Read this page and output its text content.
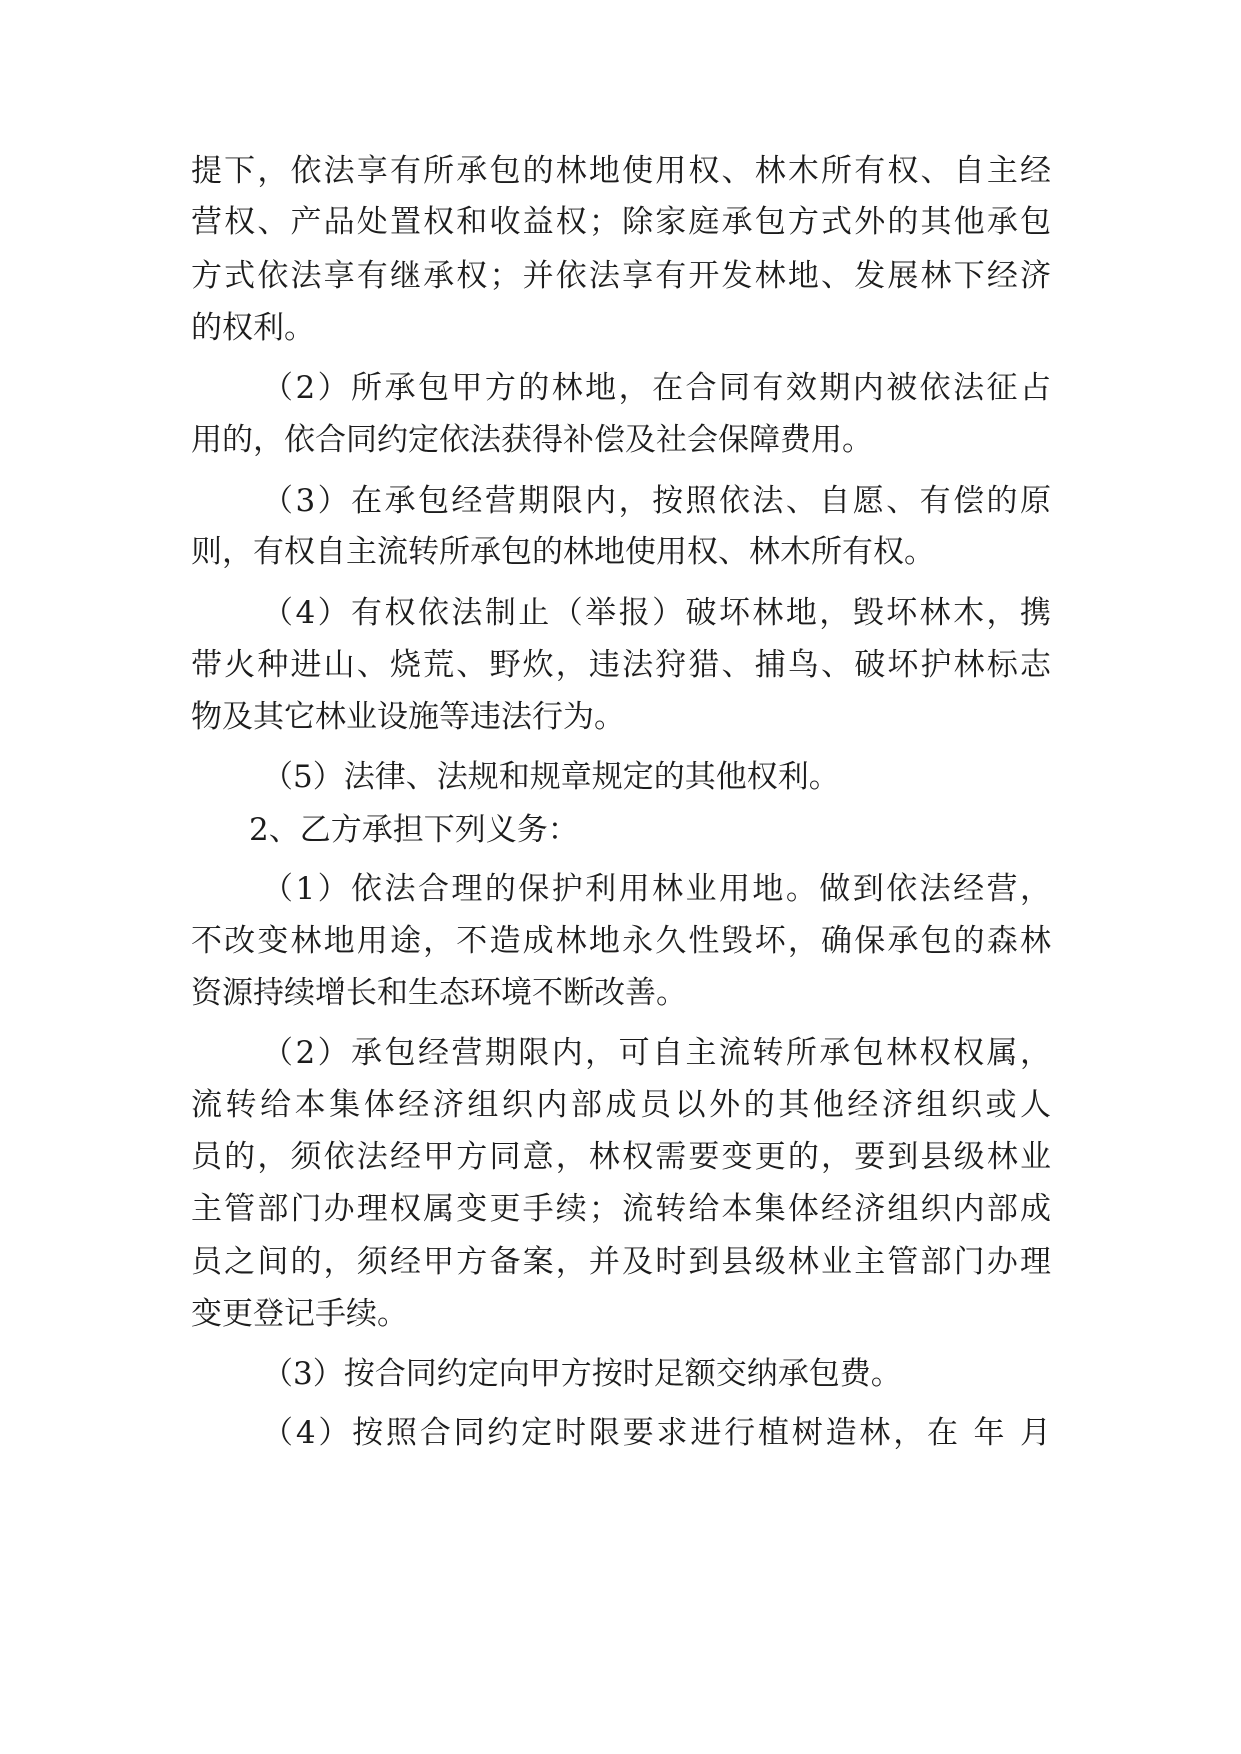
提下，依法享有所承包的林地使用权、林木所有权、自主经
营权、产品处置权和收益权；除家庭承包方式外的其他承包
方式依法享有继承权；并依法享有开发林地、发展林下经济
的权利。
（2）所承包甲方的林地，在合同有效期内被依法征占
用的，依合同约定依法获得补偿及社会保障费用。
（3）在承包经营期限内，按照依法、自愿、有偿的原
则，有权自主流转所承包的林地使用权、林木所有权。
（4）有权依法制止（举报）破坏林地，毁坏林木，携
带火种进山、烧荒、野炊，违法狩猎、捕鸟、破坏护林标志
物及其它林业设施等违法行为。
（5）法律、法规和规章规定的其他权利。
2、乙方承担下列义务：
（1）依法合理的保护利用林业用地。做到依法经营，
不改变林地用途，不造成林地永久性毁坏，确保承包的森林
资源持续增长和生态环境不断改善。
（2）承包经营期限内，可自主流转所承包林权权属，
流转给本集体经济组织内部成员以外的其他经济组织或人
员的，须依法经甲方同意，林权需要变更的，要到县级林业
主管部门办理权属变更手续；流转给本集体经济组织内部成
员之间的，须经甲方备案，并及时到县级林业主管部门办理
变更登记手续。
（3）按合同约定向甲方按时足额交纳承包费。
（4）按照合同约定时限要求进行植树造林，在 年 月
